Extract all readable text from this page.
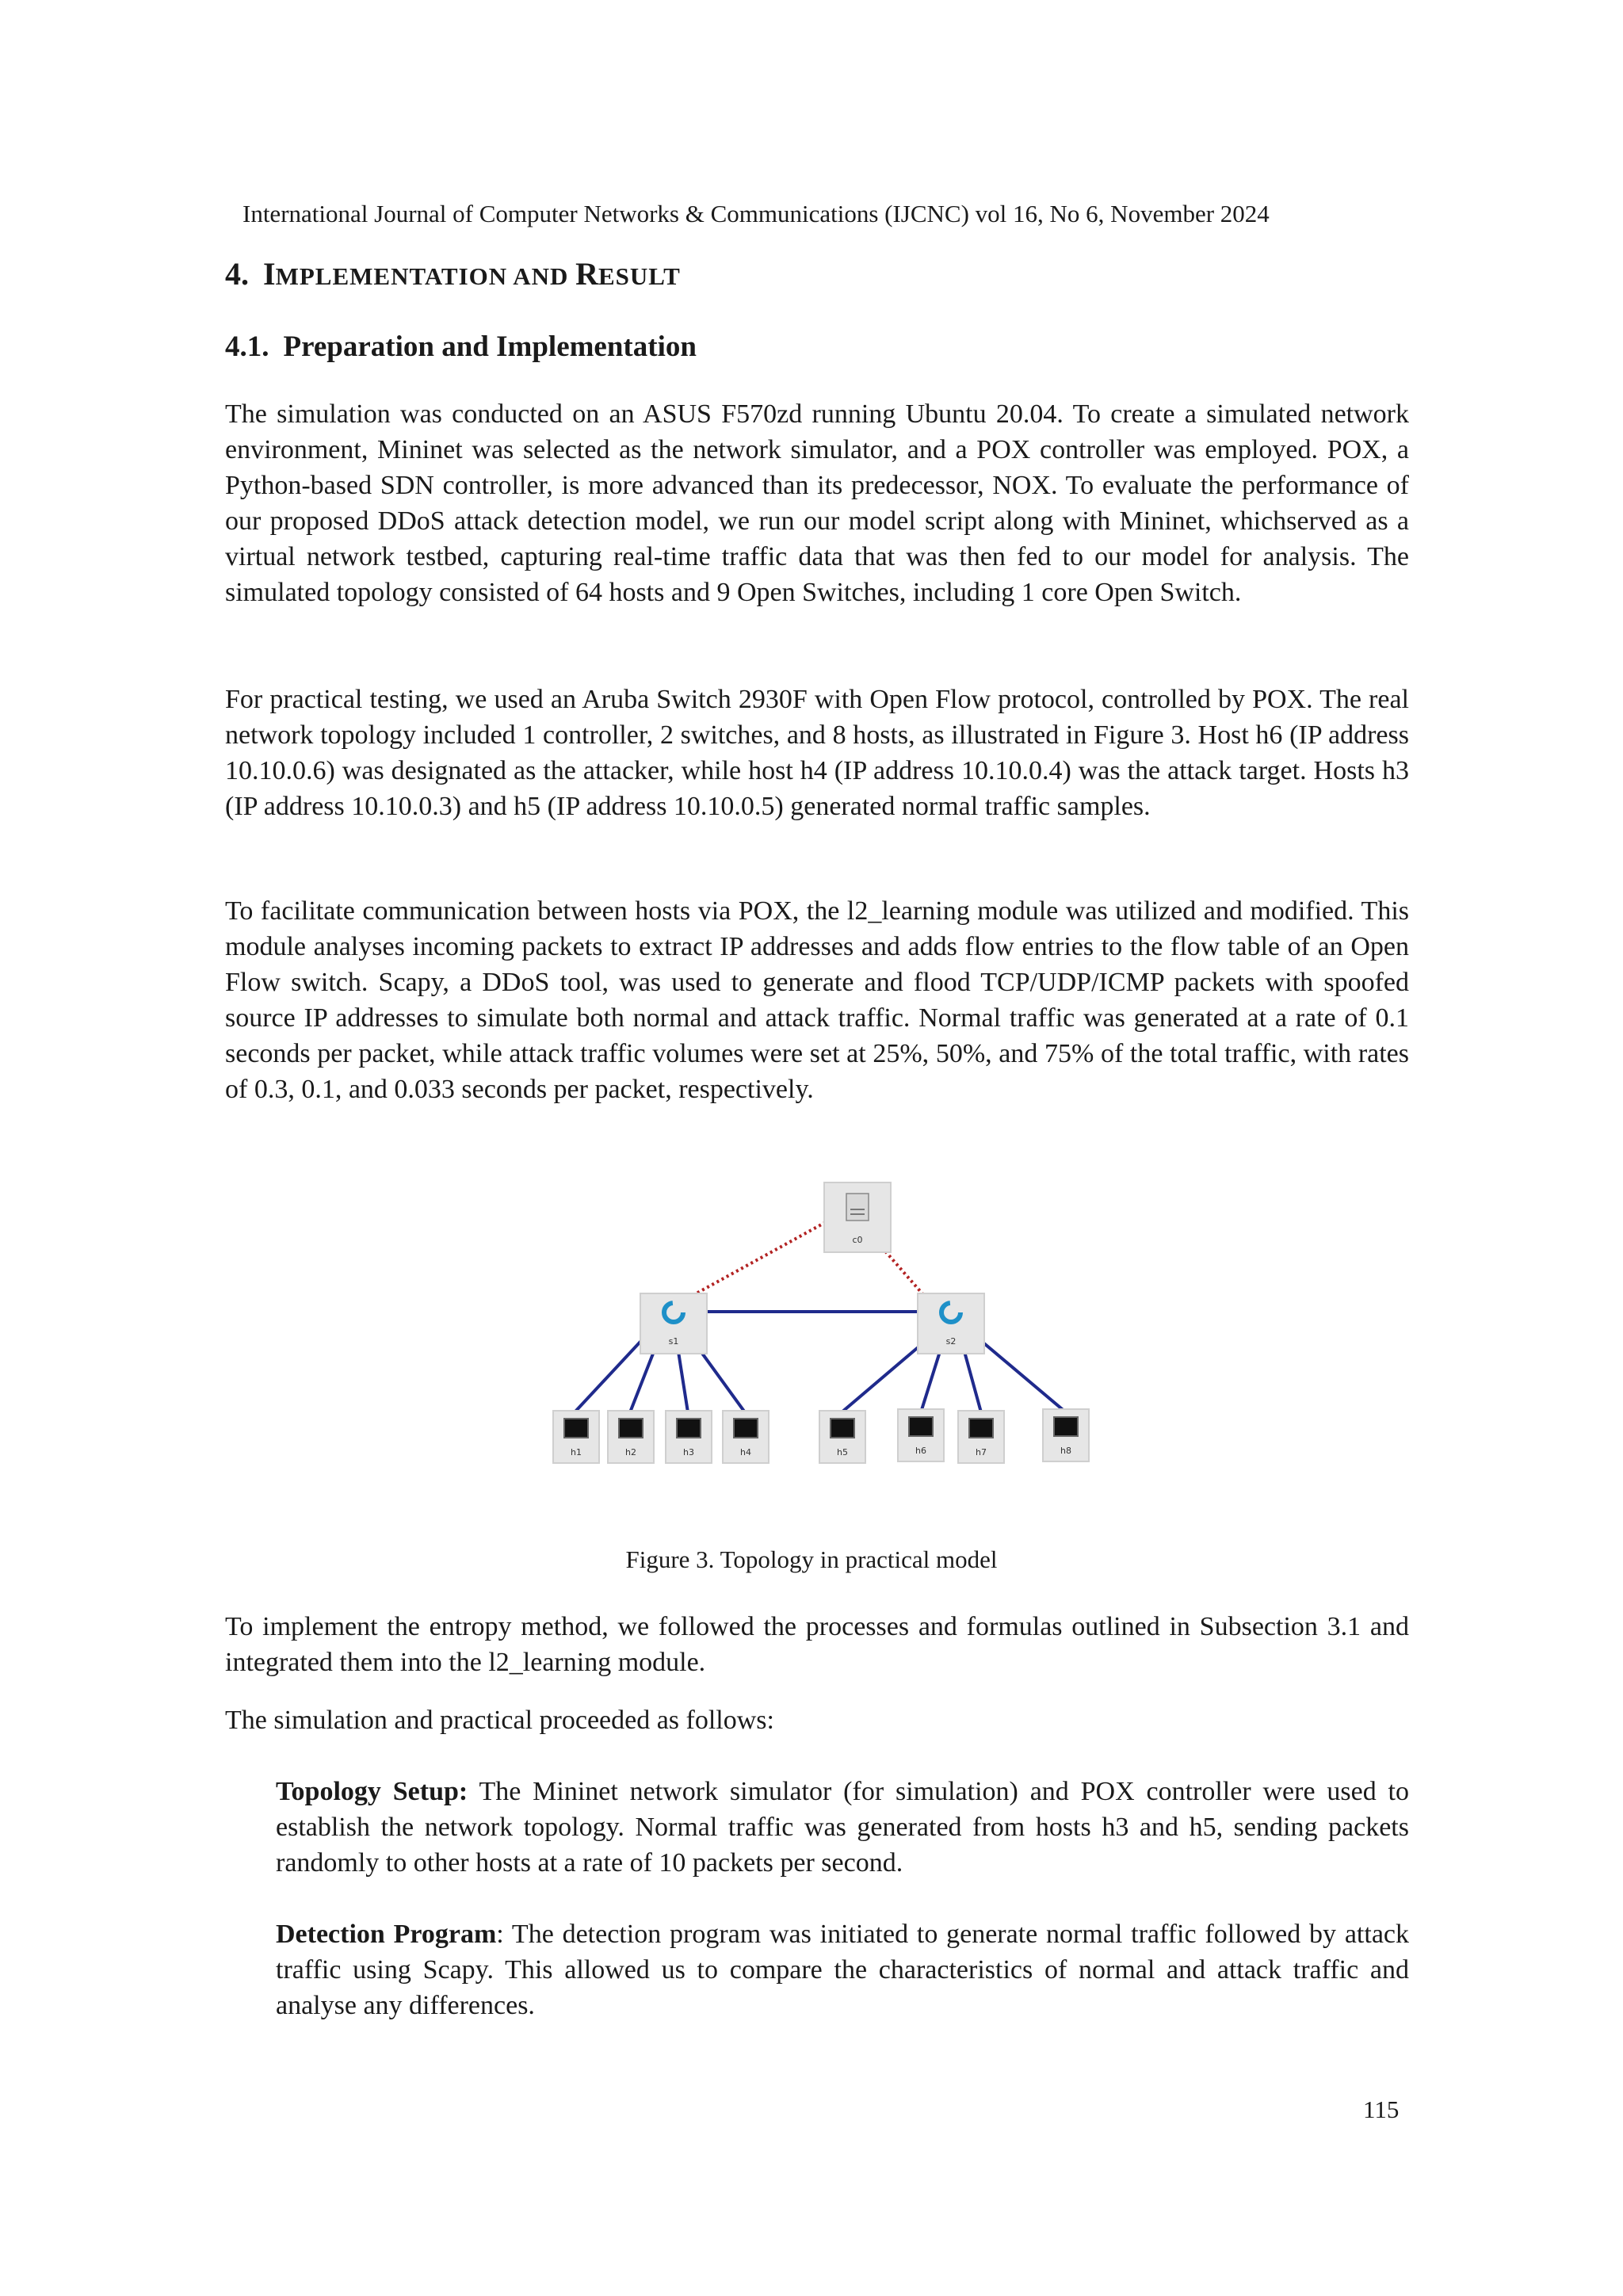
International Journal of Computer Networks & Communications (IJCNC) vol 16, No 6, November 2024
4. IMPLEMENTATION AND RESULT
4.1. Preparation and Implementation

The simulation was conducted on an ASUS F570zd running Ubuntu 20.04. To create a simulated network environment, Mininet was selected as the network simulator, and a POX controller was employed. POX, a Python-based SDN controller, is more advanced than its predecessor, NOX. To evaluate the performance of our proposed DDoS attack detection model, we run our model script along with Mininet, whichserved as a virtual network testbed, capturing real-time traffic data that was then fed to our model for analysis. The simulated topology consisted of 64 hosts and 9 Open Switches, including 1 core Open Switch.

For practical testing, we used an Aruba Switch 2930F with Open Flow protocol, controlled by POX. The real network topology included 1 controller, 2 switches, and 8 hosts, as illustrated in Figure 3. Host h6 (IP address 10.10.0.6) was designated as the attacker, while host h4 (IP address 10.10.0.4) was the attack target. Hosts h3 (IP address 10.10.0.3) and h5 (IP address 10.10.0.5) generated normal traffic samples.

To facilitate communication between hosts via POX, the l2_learning module was utilized and modified. This module analyses incoming packets to extract IP addresses and adds flow entries to the flow table of an Open Flow switch. Scapy, a DDoS tool, was used to generate and flood TCP/UDP/ICMP packets with spoofed source IP addresses to simulate both normal and attack traffic. Normal traffic was generated at a rate of 0.1 seconds per packet, while attack traffic volumes were set at 25%, 50%, and 75% of the total traffic, with rates of 0.3, 0.1, and 0.033 seconds per packet, respectively.

c0
s1	s2
h1	h2	h3	h4	h5	h6	h7	h8
Figure 3. Topology in practical model

To implement the entropy method, we followed the processes and formulas outlined in Subsection 3.1 and integrated them into the l2_learning module.

The simulation and practical proceeded as follows:

Topology Setup: The Mininet network simulator (for simulation) and POX controller were used to establish the network topology. Normal traffic was generated from hosts h3 and h5, sending packets randomly to other hosts at a rate of 10 packets per second.

Detection Program: The detection program was initiated to generate normal traffic followed by attack traffic using Scapy. This allowed us to compare the characteristics of normal and attack traffic and analyse any differences.

115
